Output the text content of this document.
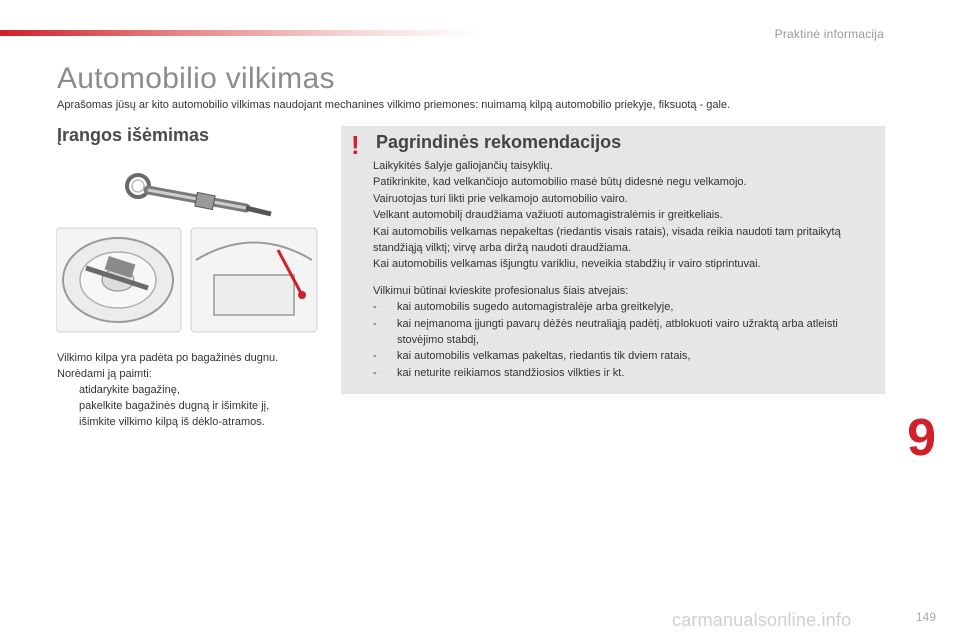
Praktinė informacija
Automobilio vilkimas
Aprašomas jūsų ar kito automobilio vilkimas naudojant mechanines vilkimo priemones: nuimamą kilpą automobilio priekyje, fiksuotą - gale.
Įrangos išėmimas
Vilkimo kilpa yra padėta po bagažinės dugnu.
Norėdami ją paimti:
atidarykite bagažinę,
pakelkite bagažinės dugną ir išimkite jį,
išimkite vilkimo kilpą iš dėklo-atramos.
! Pagrindinės rekomendacijos

Laikykitės šalyje galiojančių taisyklių.

Patikrinkite, kad velkančiojo automobilio masė būtų didesnė negu velkamojo.

Vairuotojas turi likti prie velkamojo automobilio vairo.

Velkant automobilį draudžiama važiuoti automagistralėmis ir greitkeliais.

Kai automobilis velkamas nepakeltas (riedantis visais ratais), visada reikia naudoti tam pritaikytą standžiąją vilktį; virvę arba diržą naudoti draudžiama.

Kai automobilis velkamas išjungtu varikliu, neveikia stabdžių ir vairo stiprintuvai.

Vilkimui būtinai kvieskite profesionalus šiais atvejais:

-	kai automobilis sugedo automagistralėje arba greitkelyje,
-	kai neįmanoma įjungti pavarų dėžės neutraliąją padėtį, atblokuoti vairo užraktą arba atleisti stovėjimo stabdį,
-	kai automobilis velkamas pakeltas, riedantis tik dviem ratais,
-	kai neturite reikiamos standžiosios vilkties ir kt.
9
carmanualsonline.info	149
